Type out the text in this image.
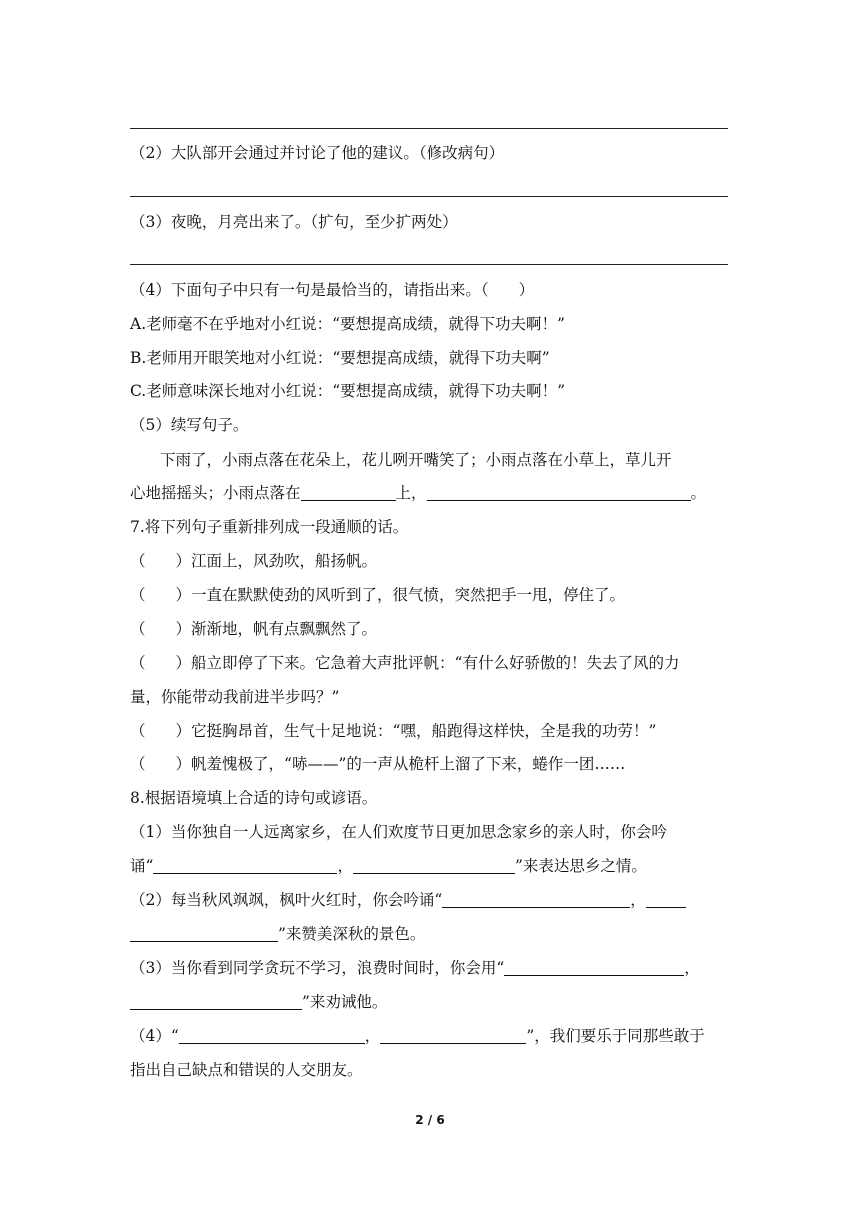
（2）大队部开会通过并讨论了他的建议。（修改病句）
（3）夜晚，月亮出来了。（扩句，至少扩两处）
（4）下面句子中只有一句是最恰当的，请指出来。（ ）
A.老师毫不在乎地对小红说：“要想提高成绩，就得下功夫啊！”
B.老师用开眼笑地对小红说：“要想提高成绩，就得下功夫啊”
C.老师意味深长地对小红说：“要想提高成绩，就得下功夫啊！”
（5）续写句子。
下雨了，小雨点落在花朵上，花儿咧开嘴笑了；小雨点落在小草上，草儿开
心地摇摇头；小雨点落在	上，	。
7.将下列句子重新排列成一段通顺的话。
（ ）江面上，风劲吹，船扬帆。
（ ）一直在默默使劲的风听到了，很气愤，突然把手一甩，停住了。
（ ）渐渐地，帆有点飘飘然了。
（ ）船立即停了下来。它急着大声批评帆：“有什么好骄傲的！失去了风的力
量，你能带动我前进半步吗？”
（ ）它挺胸昂首，生气十足地说：“嘿，船跑得这样快，全是我的功劳！”
（ ）帆羞愧极了，“哧——”的一声从桅杆上溜了下来，蜷作一团……
8.根据语境填上合适的诗句或谚语。
（1）当你独自一人远离家乡，在人们欢度节日更加思念家乡的亲人时，你会吟
诵“	，	”来表达思乡之情。
（2）每当秋风飒飒，枫叶火红时，你会吟诵“	，
”来赞美深秋的景色。
（3）当你看到同学贪玩不学习，浪费时间时，你会用“	，
”来劝诫他。
（4）“	，	”，我们要乐于同那些敢于
指出自己缺点和错误的人交朋友。
2 / 6
